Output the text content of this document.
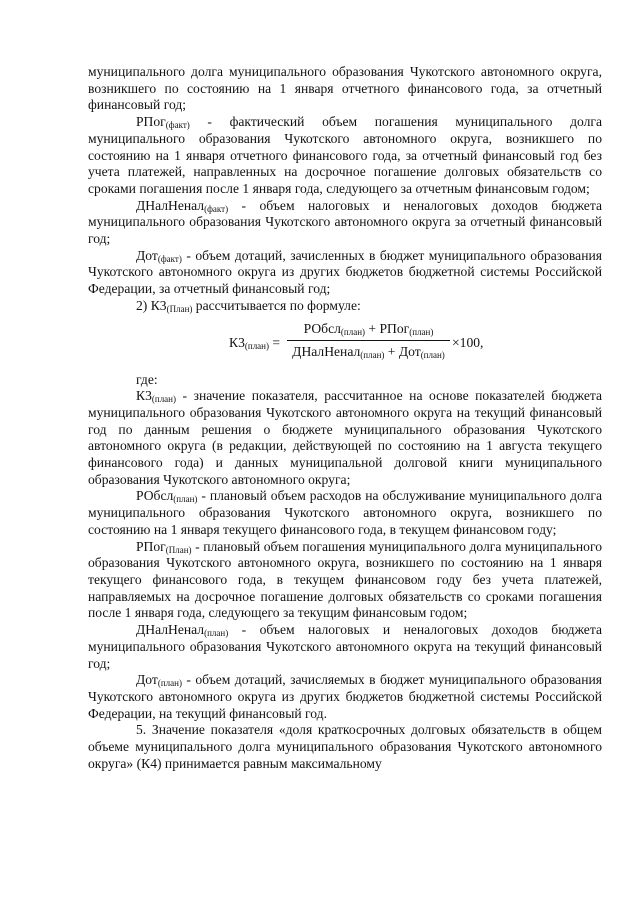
муниципального долга муниципального образования Чукотского автономного округа, возникшего по состоянию на 1 января отчетного финансового года, за отчетный финансовый год;

РПог$_{(факт)}$ - фактический объем погашения муниципального долга муниципального образования Чукотского автономного округа, возникшего по состоянию на 1 января отчетного финансового года, за отчетный финансовый год без учета платежей, направленных на досрочное погашение долговых обязательств со сроками погашения после 1 января года, следующего за отчетным финансовым годом;

ДНалНенал$_{(факт)}$ - объем налоговых и неналоговых доходов бюджета муниципального образования Чукотского автономного округа за отчетный финансовый год;

Дот$_{(факт)}$ - объем дотаций, зачисленных в бюджет муниципального образования Чукотского автономного округа из других бюджетов бюджетной системы Российской Федерации, за отчетный финансовый год;

2) $К3_{(План)}$ рассчитывается по формуле:

$К3_{(план)}$ =
РОбсл$_{(план)}$ + РПог$_{(план)}$
ДНалНенал$_{(план)}$ + Дот$_{(план)}$
×100,

где:

$К3_{(план)}$ - значение показателя, рассчитанное на основе показателей бюджета муниципального образования Чукотского автономного округа на текущий финансовый год по данным решения о бюджете муниципального образования Чукотского автономного округа (в редакции, действующей по состоянию на 1 августа текущего финансового года) и данных муниципальной долговой книги муниципального образования Чукотского автономного округа;

РОбсл$_{(план)}$ - плановый объем расходов на обслуживание муниципального долга муниципального образования Чукотского автономного округа, возникшего по состоянию на 1 января текущего финансового года, в текущем финансовом году;

РПог$_{(План)}$ - плановый объем погашения муниципального долга муниципального образования Чукотского автономного округа, возникшего по состоянию на 1 января текущего финансового года, в текущем финансовом году без учета платежей, направляемых на досрочное погашение долговых обязательств со сроками погашения после 1 января года, следующего за текущим финансовым годом;

ДНалНенал$_{(план)}$ - объем налоговых и неналоговых доходов бюджета муниципального образования Чукотского автономного округа на текущий финансовый год;

Дот$_{(план)}$ - объем дотаций, зачисляемых в бюджет муниципального образования Чукотского автономного округа из других бюджетов бюджетной системы Российской Федерации, на текущий финансовый год.

5. Значение показателя «доля краткосрочных долговых обязательств в общем объеме муниципального долга муниципального образования Чукотского автономного округа» (К4) принимается равным максимальному
